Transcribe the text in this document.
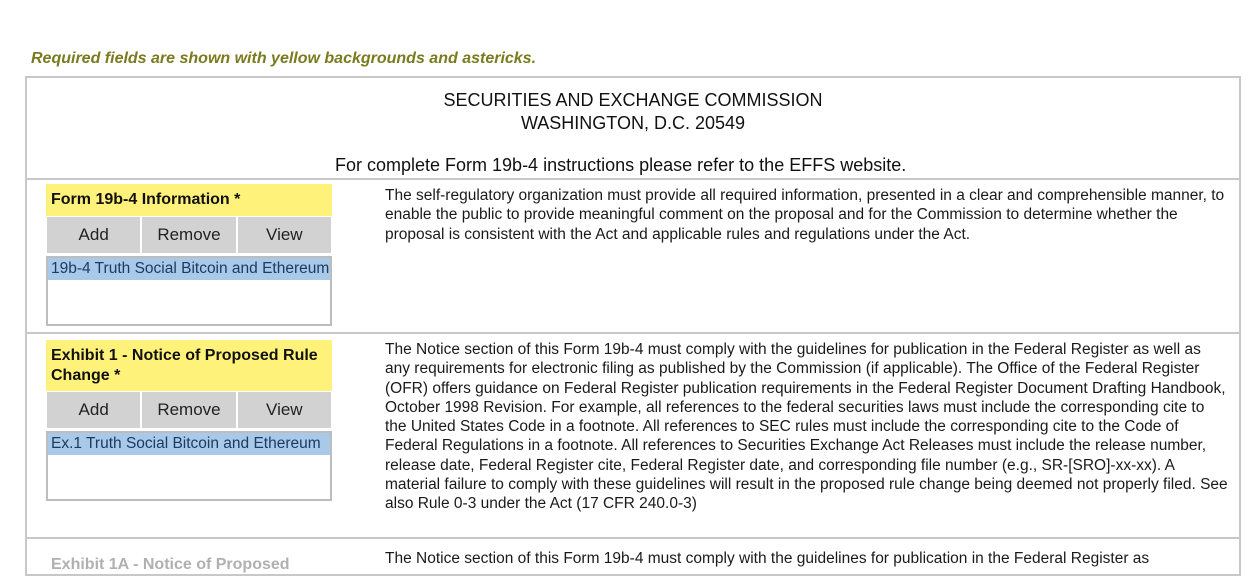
Required fields are shown with yellow backgrounds and astericks.
SECURITIES AND EXCHANGE COMMISSION
WASHINGTON, D.C. 20549
For complete Form 19b-4 instructions please refer to the EFFS website.
Form 19b-4 Information *
Add	Remove	View
19b-4 Truth Social Bitcoin and Ethereum
The self-regulatory organization must provide all required information, presented in a clear and comprehensible manner, to enable the public to provide meaningful comment on the proposal and for the Commission to determine whether the proposal is consistent with the Act and applicable rules and regulations under the Act.
Exhibit 1 - Notice of Proposed Rule Change *
Add	Remove	View
Ex.1 Truth Social Bitcoin and Ethereum
The Notice section of this Form 19b-4 must comply with the guidelines for publication in the Federal Register as well as any requirements for electronic filing as published by the Commission (if applicable). The Office of the Federal Register (OFR) offers guidance on Federal Register publication requirements in the Federal Register Document Drafting Handbook, October 1998 Revision. For example, all references to the federal securities laws must include the corresponding cite to the United States Code in a footnote. All references to SEC rules must include the corresponding cite to the Code of Federal Regulations in a footnote. All references to Securities Exchange Act Releases must include the release number, release date, Federal Register cite, Federal Register date, and corresponding file number (e.g., SR-[SRO]-xx-xx). A material failure to comply with these guidelines will result in the proposed rule change being deemed not properly filed. See also Rule 0-3 under the Act (17 CFR 240.0-3)
Exhibit 1A - Notice of Proposed	The Notice section of this Form 19b-4 must comply with the guidelines for publication in the Federal Register as
